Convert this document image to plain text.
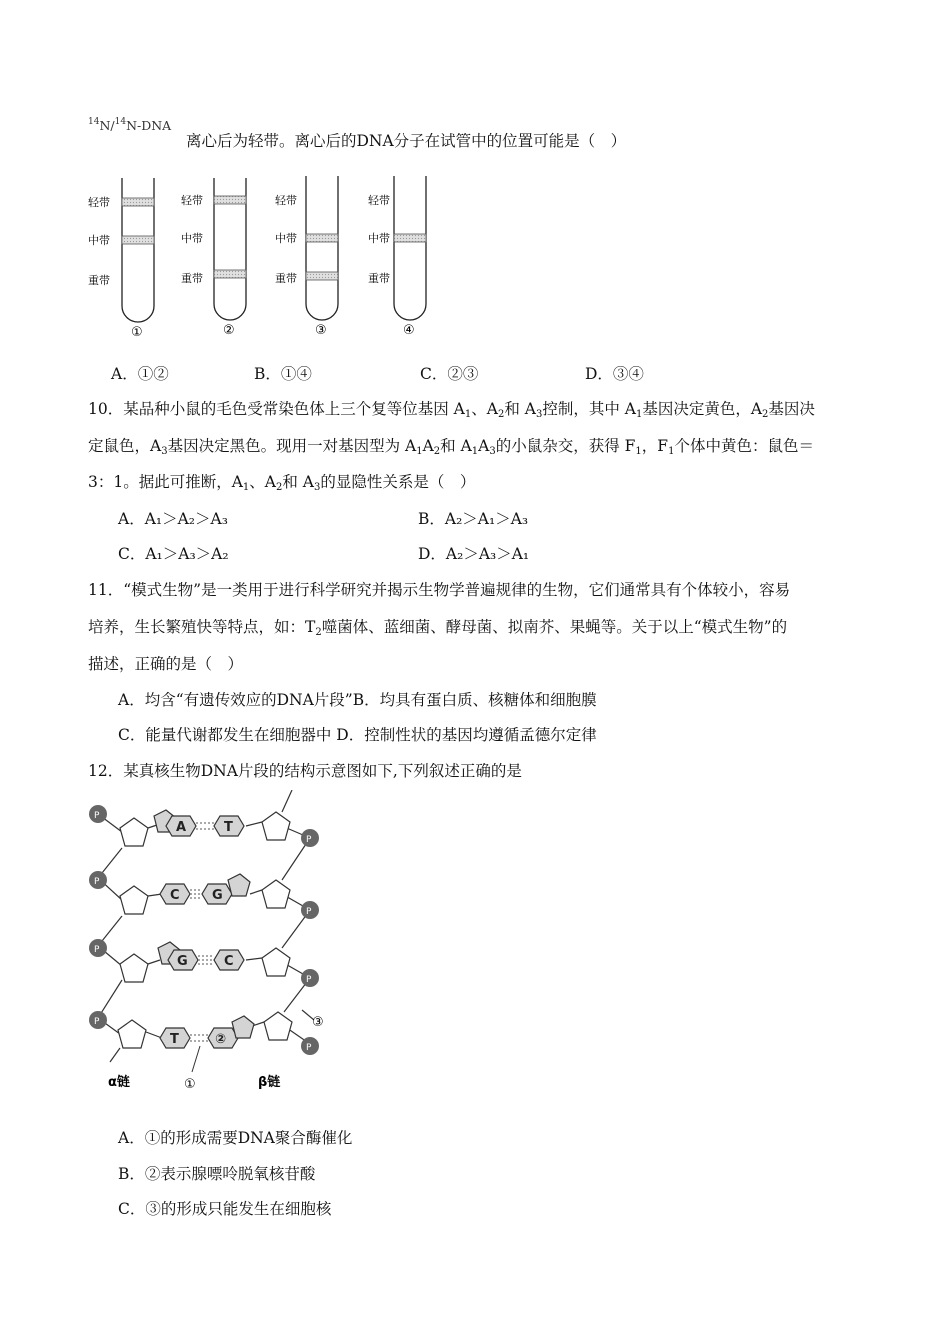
$^{14}$N/$^{14}$N-DNA
离心后为轻带。离心后的DNA分子在试管中的位置可能是（　）
轻带
中带
重带
①
轻带
中带
重带
②
轻带
中带
重带
③
轻带
中带
重带
④
A．①②	B．①④	C．②③	D．③④
10．某品种小鼠的毛色受常染色体上三个复等位基因 $A_1$、$A_2$和 $A_3$控制，其中 $A_1$基因决定黄色，$A_2$基因决
定鼠色，$A_3$基因决定黑色。现用一对基因型为 $A_1A_2$和 $A_1A_3$的小鼠杂交，获得 $F_1$，$F_1$个体中黄色：鼠色＝
3：1。据此可推断，$A_1$、$A_2$和 $A_3$的显隐性关系是（　）
A．A₁＞A₂＞A₃	B．A₂＞A₁＞A₃
C．A₁＞A₃＞A₂	D．A₂＞A₃＞A₁
11．“模式生物”是一类用于进行科学研究并揭示生物学普遍规律的生物，它们通常具有个体较小，容易
培养，生长繁殖快等特点，如：$T_2$噬菌体、蓝细菌、酵母菌、拟南芥、果蝇等。关于以上“模式生物”的
描述，正确的是（　）
A．均含“有遗传效应的DNA片段”B．均具有蛋白质、核糖体和细胞膜
C．能量代谢都发生在细胞器中 D．控制性状的基因均遵循孟德尔定律
12．某真核生物DNA片段的结构示意图如下,下列叙述正确的是
P
P
P
P
P
P
P
P
A	T
C G
G	C
T	②
①
③
α链	β链
A．①的形成需要DNA聚合酶催化
B．②表示腺嘌呤脱氧核苷酸
C．③的形成只能发生在细胞核
